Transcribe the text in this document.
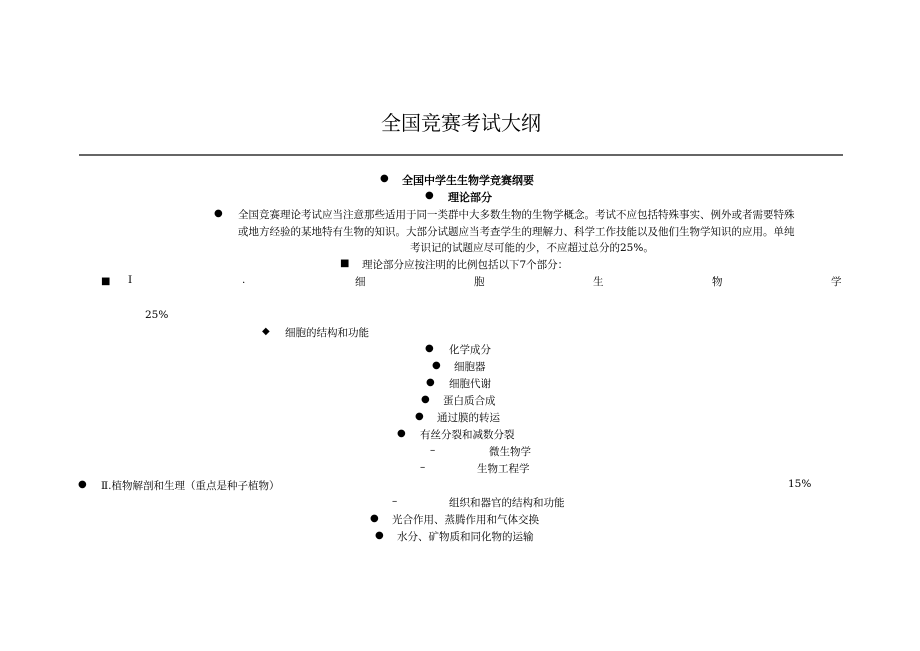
全国竞赛考试大纲
● 全国中学生生物学竞赛纲要
● 理论部分
● 全国竞赛理论考试应当注意那些适用于同一类群中大多数生物的生物学概念。考试不应包括特殊事实、例外或者需要特殊
或地方经验的某地特有生物的知识。大部分试题应当考查学生的理解力、科学工作技能以及他们生物学知识的应用。单纯
考识记的试题应尽可能的少，不应超过总分的25%。
■ 理论部分应按注明的比例包括以下7个部分：
■ I	.	细	胞	生	物	学
25%
◆ 细胞的结构和功能
● 化学成分
● 细胞器
● 细胞代谢
● 蛋白质合成
● 通过膜的转运
● 有丝分裂和减数分裂
–	微生物学
–	生物工程学
● Ⅱ.植物解剖和生理（重点是种子植物）	15%
–	组织和器官的结构和功能
● 光合作用、蒸腾作用和气体交换
● 水分、矿物质和同化物的运输
